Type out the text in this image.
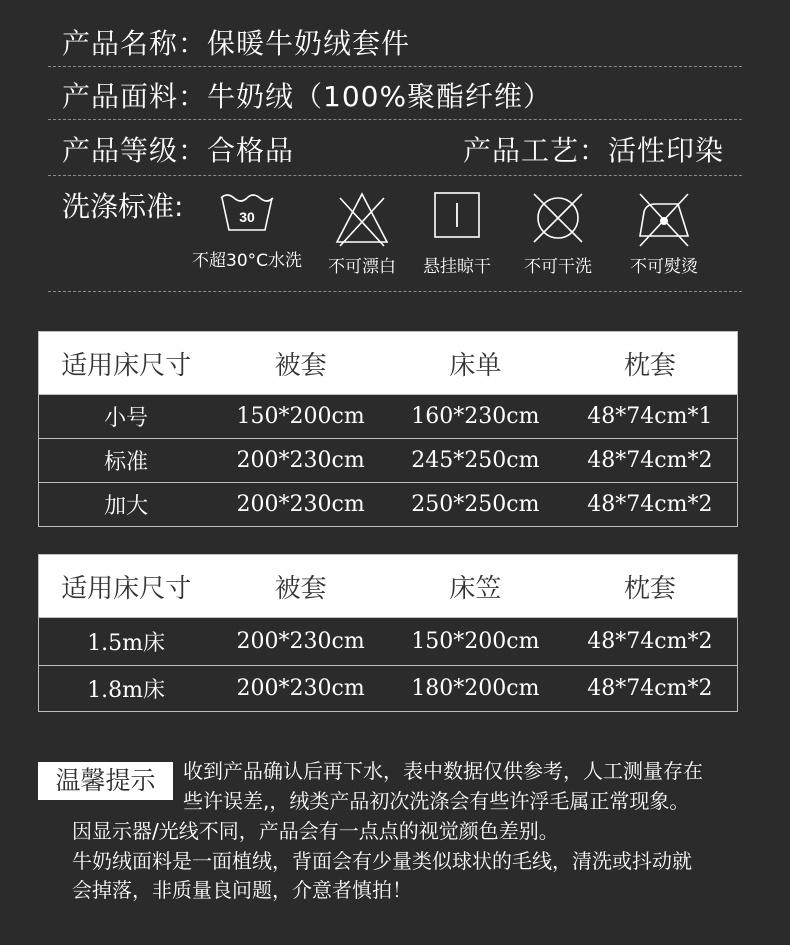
产品名称：保暖牛奶绒套件
产品面料：牛奶绒（100%聚酯纤维）
产品等级：合格品	产品工艺：活性印染
洗涤标准:	30
不超30°C水洗	不可漂白	悬挂晾干	不可干洗	不可熨烫
适用床尺寸	被套	床单	枕套
小号	150*200cm	160*230cm	48*74cm*1
标准	200*230cm	245*250cm	48*74cm*2
加大	200*230cm	250*250cm	48*74cm*2
适用床尺寸	被套	床笠	枕套
1.5m床	200*230cm	150*200cm	48*74cm*2
1.8m床	200*230cm	180*200cm	48*74cm*2
温馨提示	收到产品确认后再下水，表中数据仅供参考，人工测量存在
些许误差,，绒类产品初次洗涤会有些许浮毛属正常现象。
因显示器/光线不同，产品会有一点点的视觉颜色差别。
牛奶绒面料是一面植绒，背面会有少量类似球状的毛线，清洗或抖动就
会掉落，非质量良问题，介意者慎拍！
